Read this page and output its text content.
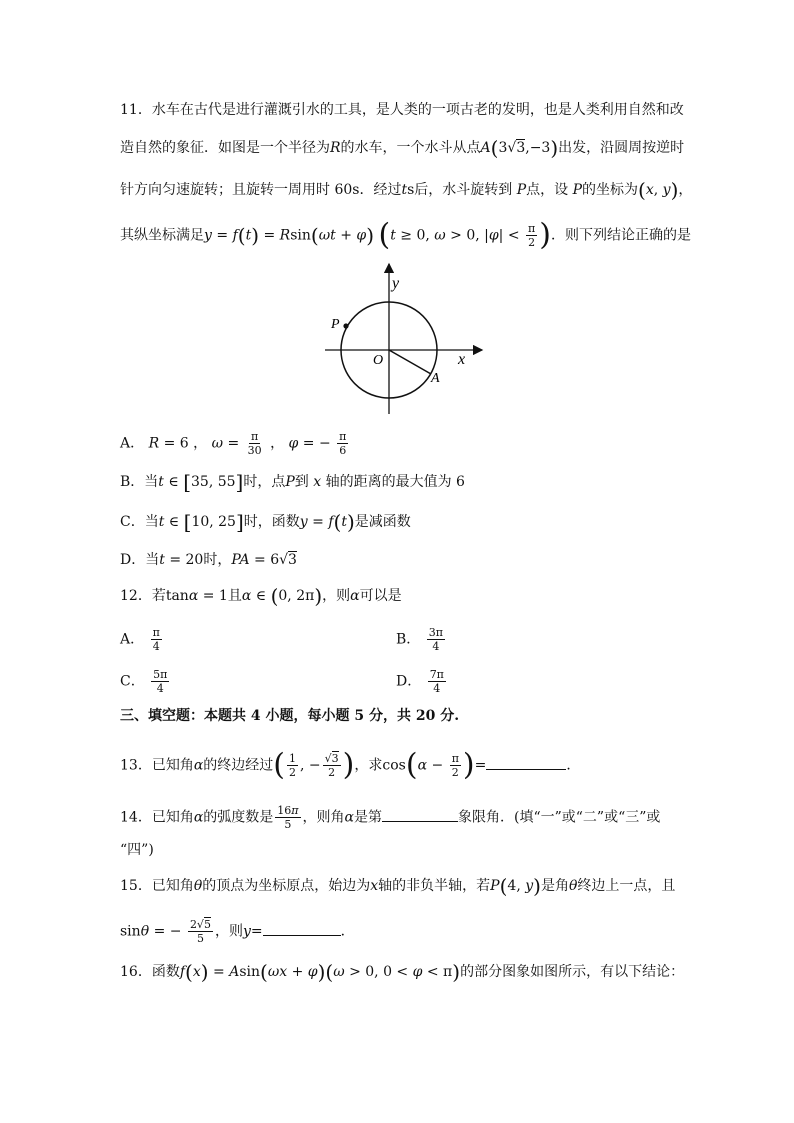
11．水车在古代是进行灌溉引水的工具，是人类的一项古老的发明，也是人类利用自然和改
造自然的象征．如图是一个半径为R的水车，一个水斗从点A(3√3,−3)出发，沿圆周按逆时
针方向匀速旋转；且旋转一周用时 60s．经过ts后，水斗旋转到 P点，设 P的坐标为(x, y)，
其纵坐标满足y = f(t) = Rsin(ωt + φ) (t ≥ 0, ω > 0, $|\varphi| < \frac{\pi}{2}$ )．则下列结论正确的是
y
x
O
P
A
A． R = 6 ， $\omega = \frac{\pi}{30}$ ， φ = − $\frac{\pi}{6}$
B．当t ∈ [35, 55]时，点P到 x 轴的距离的最大值为 6
C．当t ∈ [10, 25]时，函数y = f(t)是减函数
D．当t = 20时，PA = 6√3
12．若tanα = 1且α ∈ (0, 2π)，则α可以是
A． $\frac{\pi}{4}$	B． $\frac{3\pi}{4}$
C． $\frac{5\pi}{4}$	D． $\frac{7\pi}{4}$
三、填空题：本题共 4 小题，每小题 5 分，共 20 分.
13．已知角α的终边经过( $\frac{1}{2}$ , − $\frac{√3}{2}$ )，求$\cos(\alpha - \frac{\pi}{2}$ )=	．
14．已知角α的弧度数是 $\frac{16\pi}{5}$ ，则角α是第	象限角．(填“一”或“二”或“三”或
“四”)
15．已知角θ的顶点为坐标原点，始边为x轴的非负半轴，若P(4, y)是角θ终边上一点，且
sinθ = − $\frac{2√5}{5}$ ，则y=	．
16．函数f(x) = Asin(ωx + φ)(ω > 0, 0 < φ < π)的部分图象如图所示，有以下结论：
